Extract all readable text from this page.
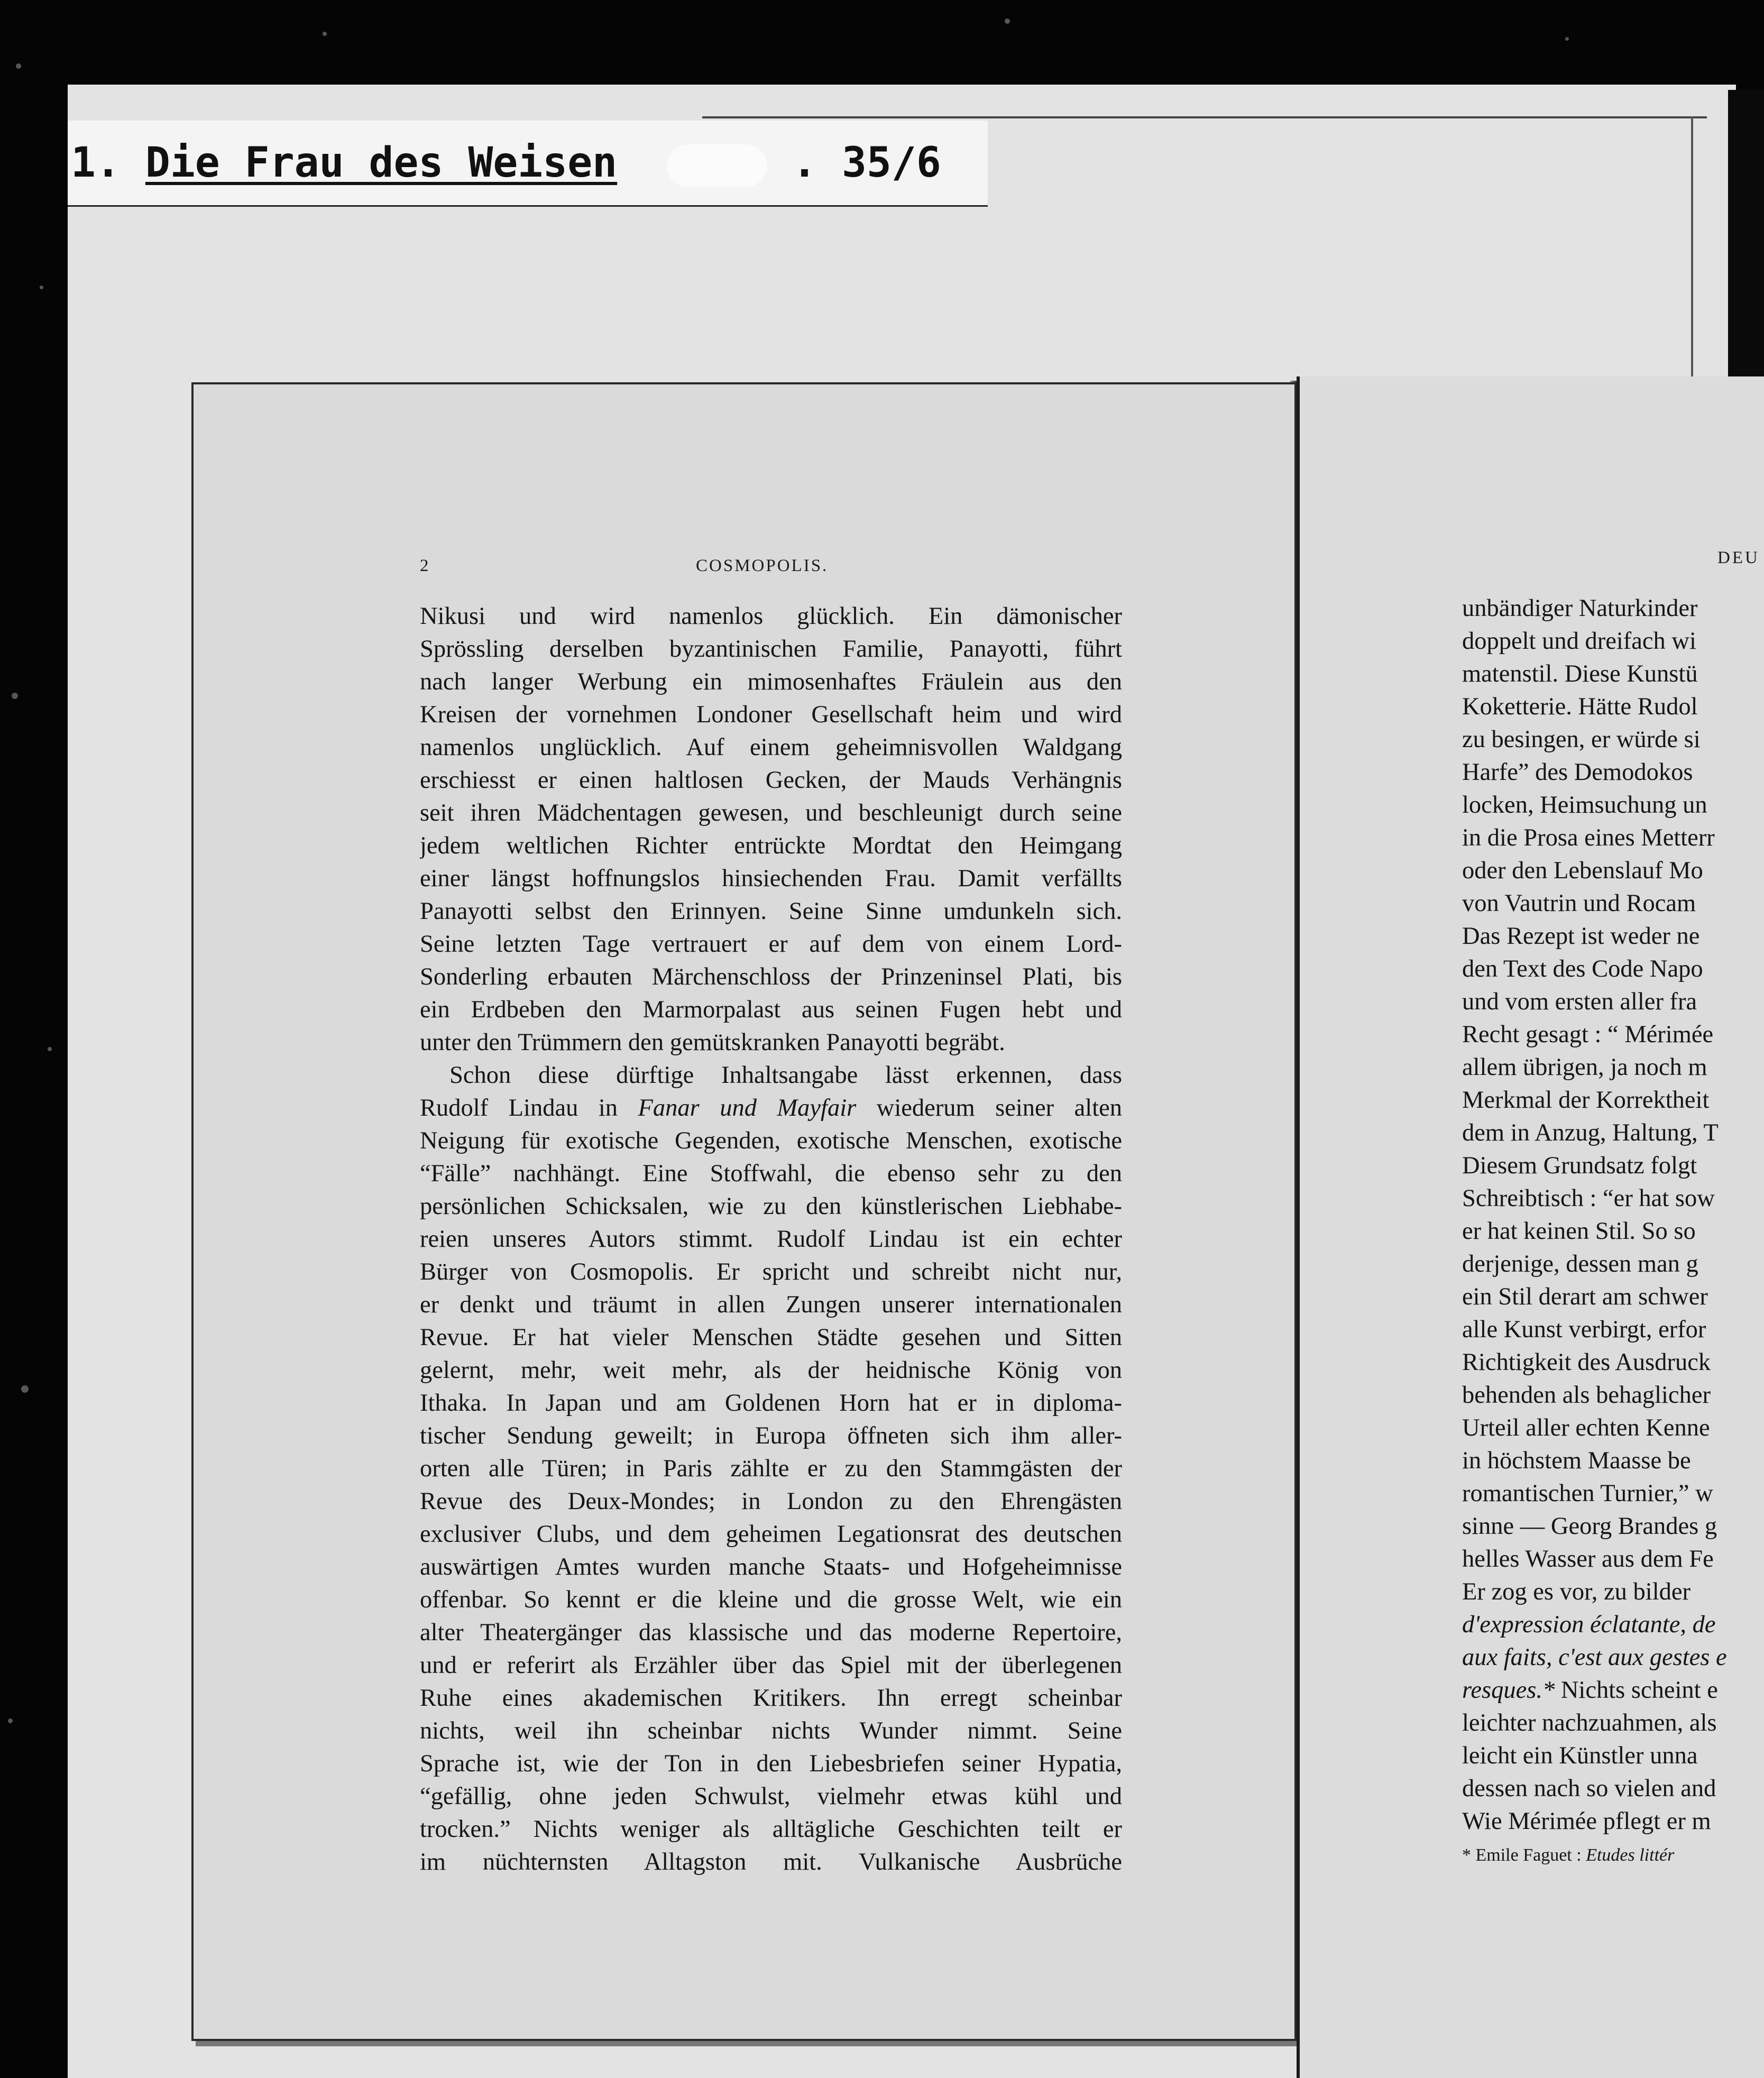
1. Die Frau des Weisen	. 35/6
2	COSMOPOLIS.
Nikusi und wird namenlos glücklich. Ein dämonischer
Sprössling derselben byzantinischen Familie, Panayotti, führt
nach langer Werbung ein mimosenhaftes Fräulein aus den
Kreisen der vornehmen Londoner Gesellschaft heim und wird
namenlos unglücklich. Auf einem geheimnisvollen Waldgang
erschiesst er einen haltlosen Gecken, der Mauds Verhängnis
seit ihren Mädchentagen gewesen, und beschleunigt durch seine
jedem weltlichen Richter entrückte Mordtat den Heimgang
einer längst hoffnungslos hinsiechenden Frau. Damit verfällts
Panayotti selbst den Erinnyen. Seine Sinne umdunkeln sich.
Seine letzten Tage vertrauert er auf dem von einem Lord-
Sonderling erbauten Märchenschloss der Prinzeninsel Plati, bis
ein Erdbeben den Marmorpalast aus seinen Fugen hebt und
unter den Trümmern den gemütskranken Panayotti begräbt.
Schon diese dürftige Inhaltsangabe lässt erkennen, dass
Rudolf Lindau in Fanar und Mayfair wiederum seiner alten
Neigung für exotische Gegenden, exotische Menschen, exotische
“Fälle” nachhängt. Eine Stoffwahl, die ebenso sehr zu den
persönlichen Schicksalen, wie zu den künstlerischen Liebhabe-
reien unseres Autors stimmt. Rudolf Lindau ist ein echter
Bürger von Cosmopolis. Er spricht und schreibt nicht nur,
er denkt und träumt in allen Zungen unserer internationalen
Revue. Er hat vieler Menschen Städte gesehen und Sitten
gelernt, mehr, weit mehr, als der heidnische König von
Ithaka. In Japan und am Goldenen Horn hat er in diploma-
tischer Sendung geweilt; in Europa öffneten sich ihm aller-
orten alle Türen; in Paris zählte er zu den Stammgästen der
Revue des Deux-Mondes; in London zu den Ehrengästen
exclusiver Clubs, und dem geheimen Legationsrat des deutschen
auswärtigen Amtes wurden manche Staats- und Hofgeheimnisse
offenbar. So kennt er die kleine und die grosse Welt, wie ein
alter Theatergänger das klassische und das moderne Repertoire,
und er referirt als Erzähler über das Spiel mit der überlegenen
Ruhe eines akademischen Kritikers. Ihn erregt scheinbar
nichts, weil ihn scheinbar nichts Wunder nimmt. Seine
Sprache ist, wie der Ton in den Liebesbriefen seiner Hypatia,
“gefällig, ohne jeden Schwulst, vielmehr etwas kühl und
trocken.” Nichts weniger als alltägliche Geschichten teilt er
im nüchternsten Alltagston mit. Vulkanische Ausbrüche
DEU
unbändiger Naturkinder
doppelt und dreifach wi
matenstil. Diese Kunstü
Koketterie. Hätte Rudol
zu besingen, er würde si
Harfe” des Demodokos
locken, Heimsuchung un
in die Prosa eines Metterr
oder den Lebenslauf Mo
von Vautrin und Rocam
Das Rezept ist weder ne
den Text des Code Napo
und vom ersten aller fra
Recht gesagt : “ Mérimée
allem übrigen, ja noch m
Merkmal der Korrektheit
dem in Anzug, Haltung, T
Diesem Grundsatz folgt
Schreibtisch : “er hat sow
er hat keinen Stil. So so
derjenige, dessen man g
ein Stil derart am schwer
alle Kunst verbirgt, erfor
Richtigkeit des Ausdruck
behenden als behaglicher
Urteil aller echten Kenne
in höchstem Maasse be
romantischen Turnier,” w
sinne — Georg Brandes g
helles Wasser aus dem Fe
Er zog es vor, zu bilder
d'expression éclatante, de
aux faits, c'est aux gestes e
resques.* Nichts scheint e
leichter nachzuahmen, als
leicht ein Künstler unna
dessen nach so vielen and
Wie Mérimée pflegt er m
* Emile Faguet : Etudes littér
